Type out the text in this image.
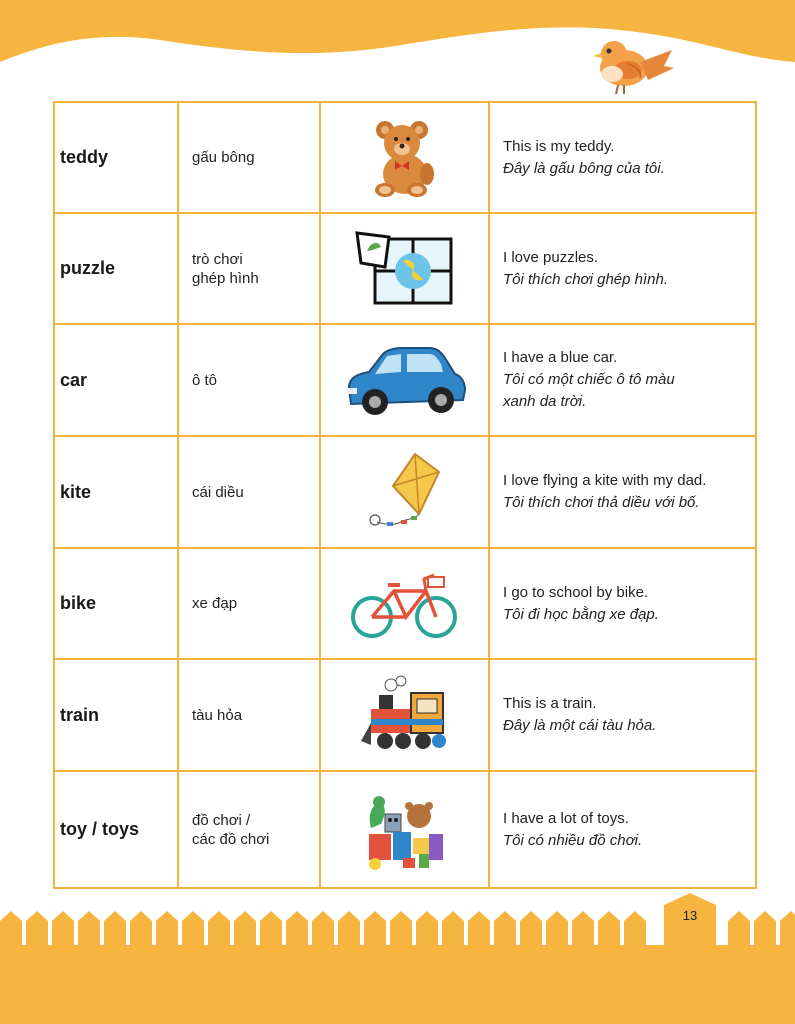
teddy	gấu bông		This is my teddy.
Đây là gấu bông của tôi.

puzzle	trò chơi
ghép hình		I love puzzles.
Tôi thích chơi ghép hình.

car	ô tô		I have a blue car.
Tôi có một chiếc ô tô màu
xanh da trời.

kite	cái diều		I love flying a kite with my dad.
Tôi thích chơi thả diều với bố.

bike	xe đạp		I go to school by bike.
Tôi đi học bằng xe đạp.

train	tàu hỏa		This is a train.
Đây là một cái tàu hỏa.

toy / toys	đồ chơi /
các đồ chơi		I have a lot of toys.
Tôi có nhiều đồ chơi.
13
